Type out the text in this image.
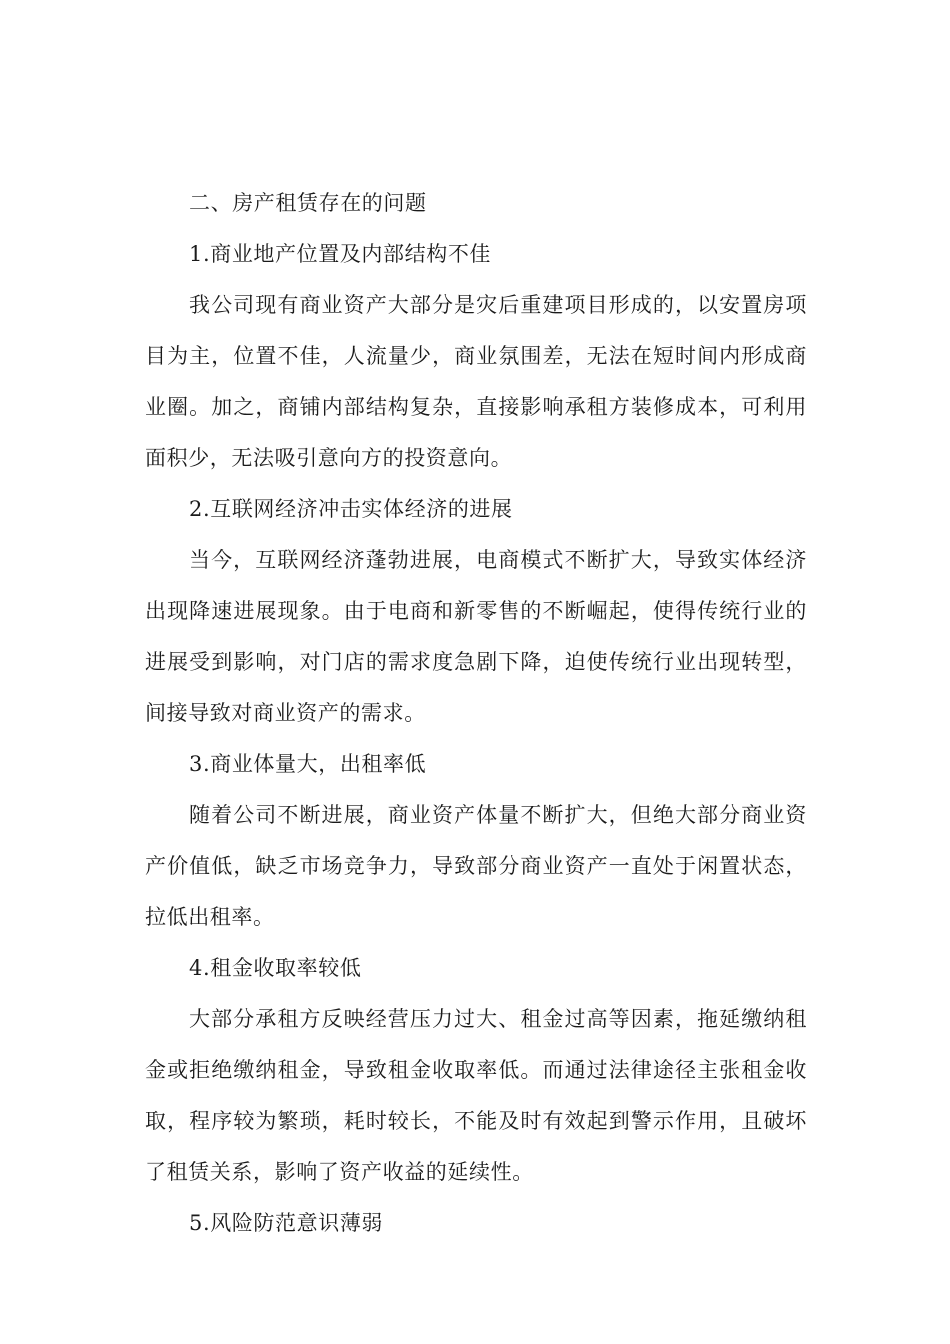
二、房产租赁存在的问题

1.商业地产位置及内部结构不佳

我公司现有商业资产大部分是灾后重建项目形成的，以安置房项目为主，位置不佳，人流量少，商业氛围差，无法在短时间内形成商业圈。加之，商铺内部结构复杂，直接影响承租方装修成本，可利用面积少，无法吸引意向方的投资意向。

2.互联网经济冲击实体经济的进展

当今，互联网经济蓬勃进展，电商模式不断扩大，导致实体经济出现降速进展现象。由于电商和新零售的不断崛起，使得传统行业的进展受到影响，对门店的需求度急剧下降，迫使传统行业出现转型，间接导致对商业资产的需求。

3.商业体量大，出租率低

随着公司不断进展，商业资产体量不断扩大，但绝大部分商业资产价值低，缺乏市场竞争力，导致部分商业资产一直处于闲置状态，拉低出租率。

4.租金收取率较低

大部分承租方反映经营压力过大、租金过高等因素，拖延缴纳租金或拒绝缴纳租金，导致租金收取率低。而通过法律途径主张租金收取，程序较为繁琐，耗时较长，不能及时有效起到警示作用，且破坏了租赁关系，影响了资产收益的延续性。

5.风险防范意识薄弱
